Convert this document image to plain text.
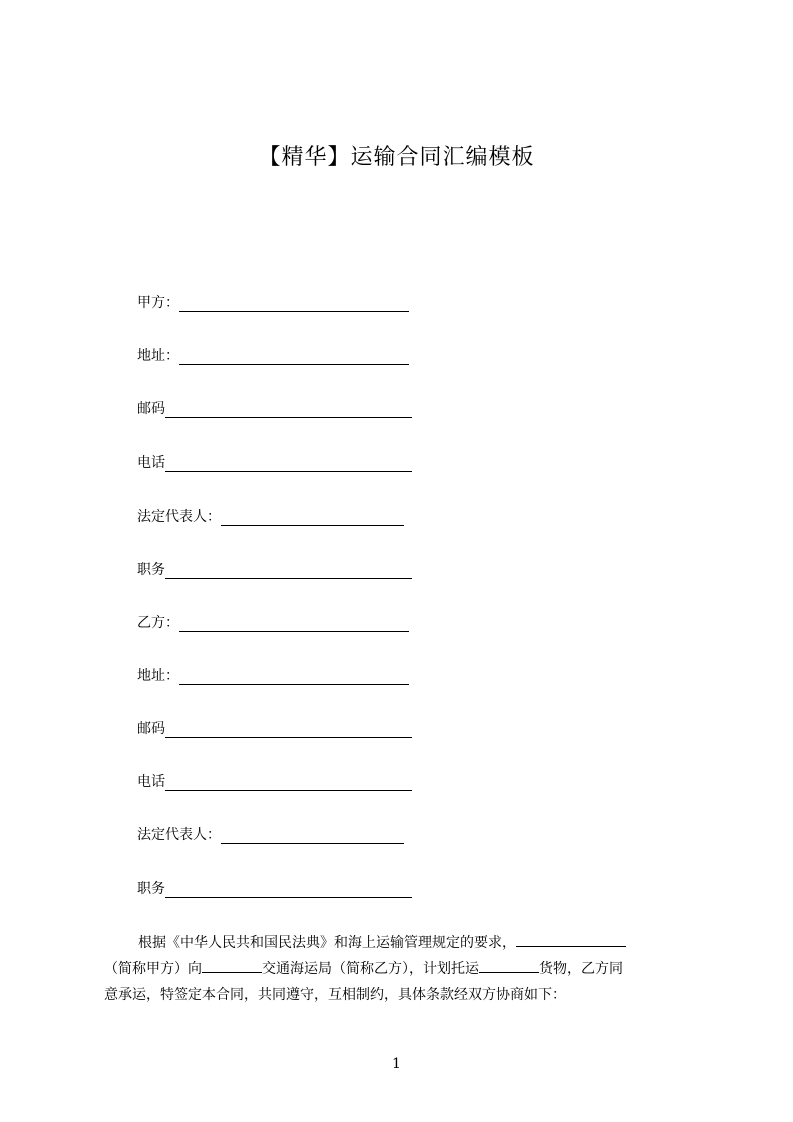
【精华】运输合同汇编模板
甲方：
地址：
邮码
电话
法定代表人：
职务
乙方：
地址：
邮码
电话
法定代表人：
职务

根据《中华人民共和国民法典》和海上运输管理规定的要求，

（简称甲方）向	交通海运局（简称乙方），计划托运	货物，乙方同

意承运，特签定本合同，共同遵守，互相制约，具体条款经双方协商如下：

1
